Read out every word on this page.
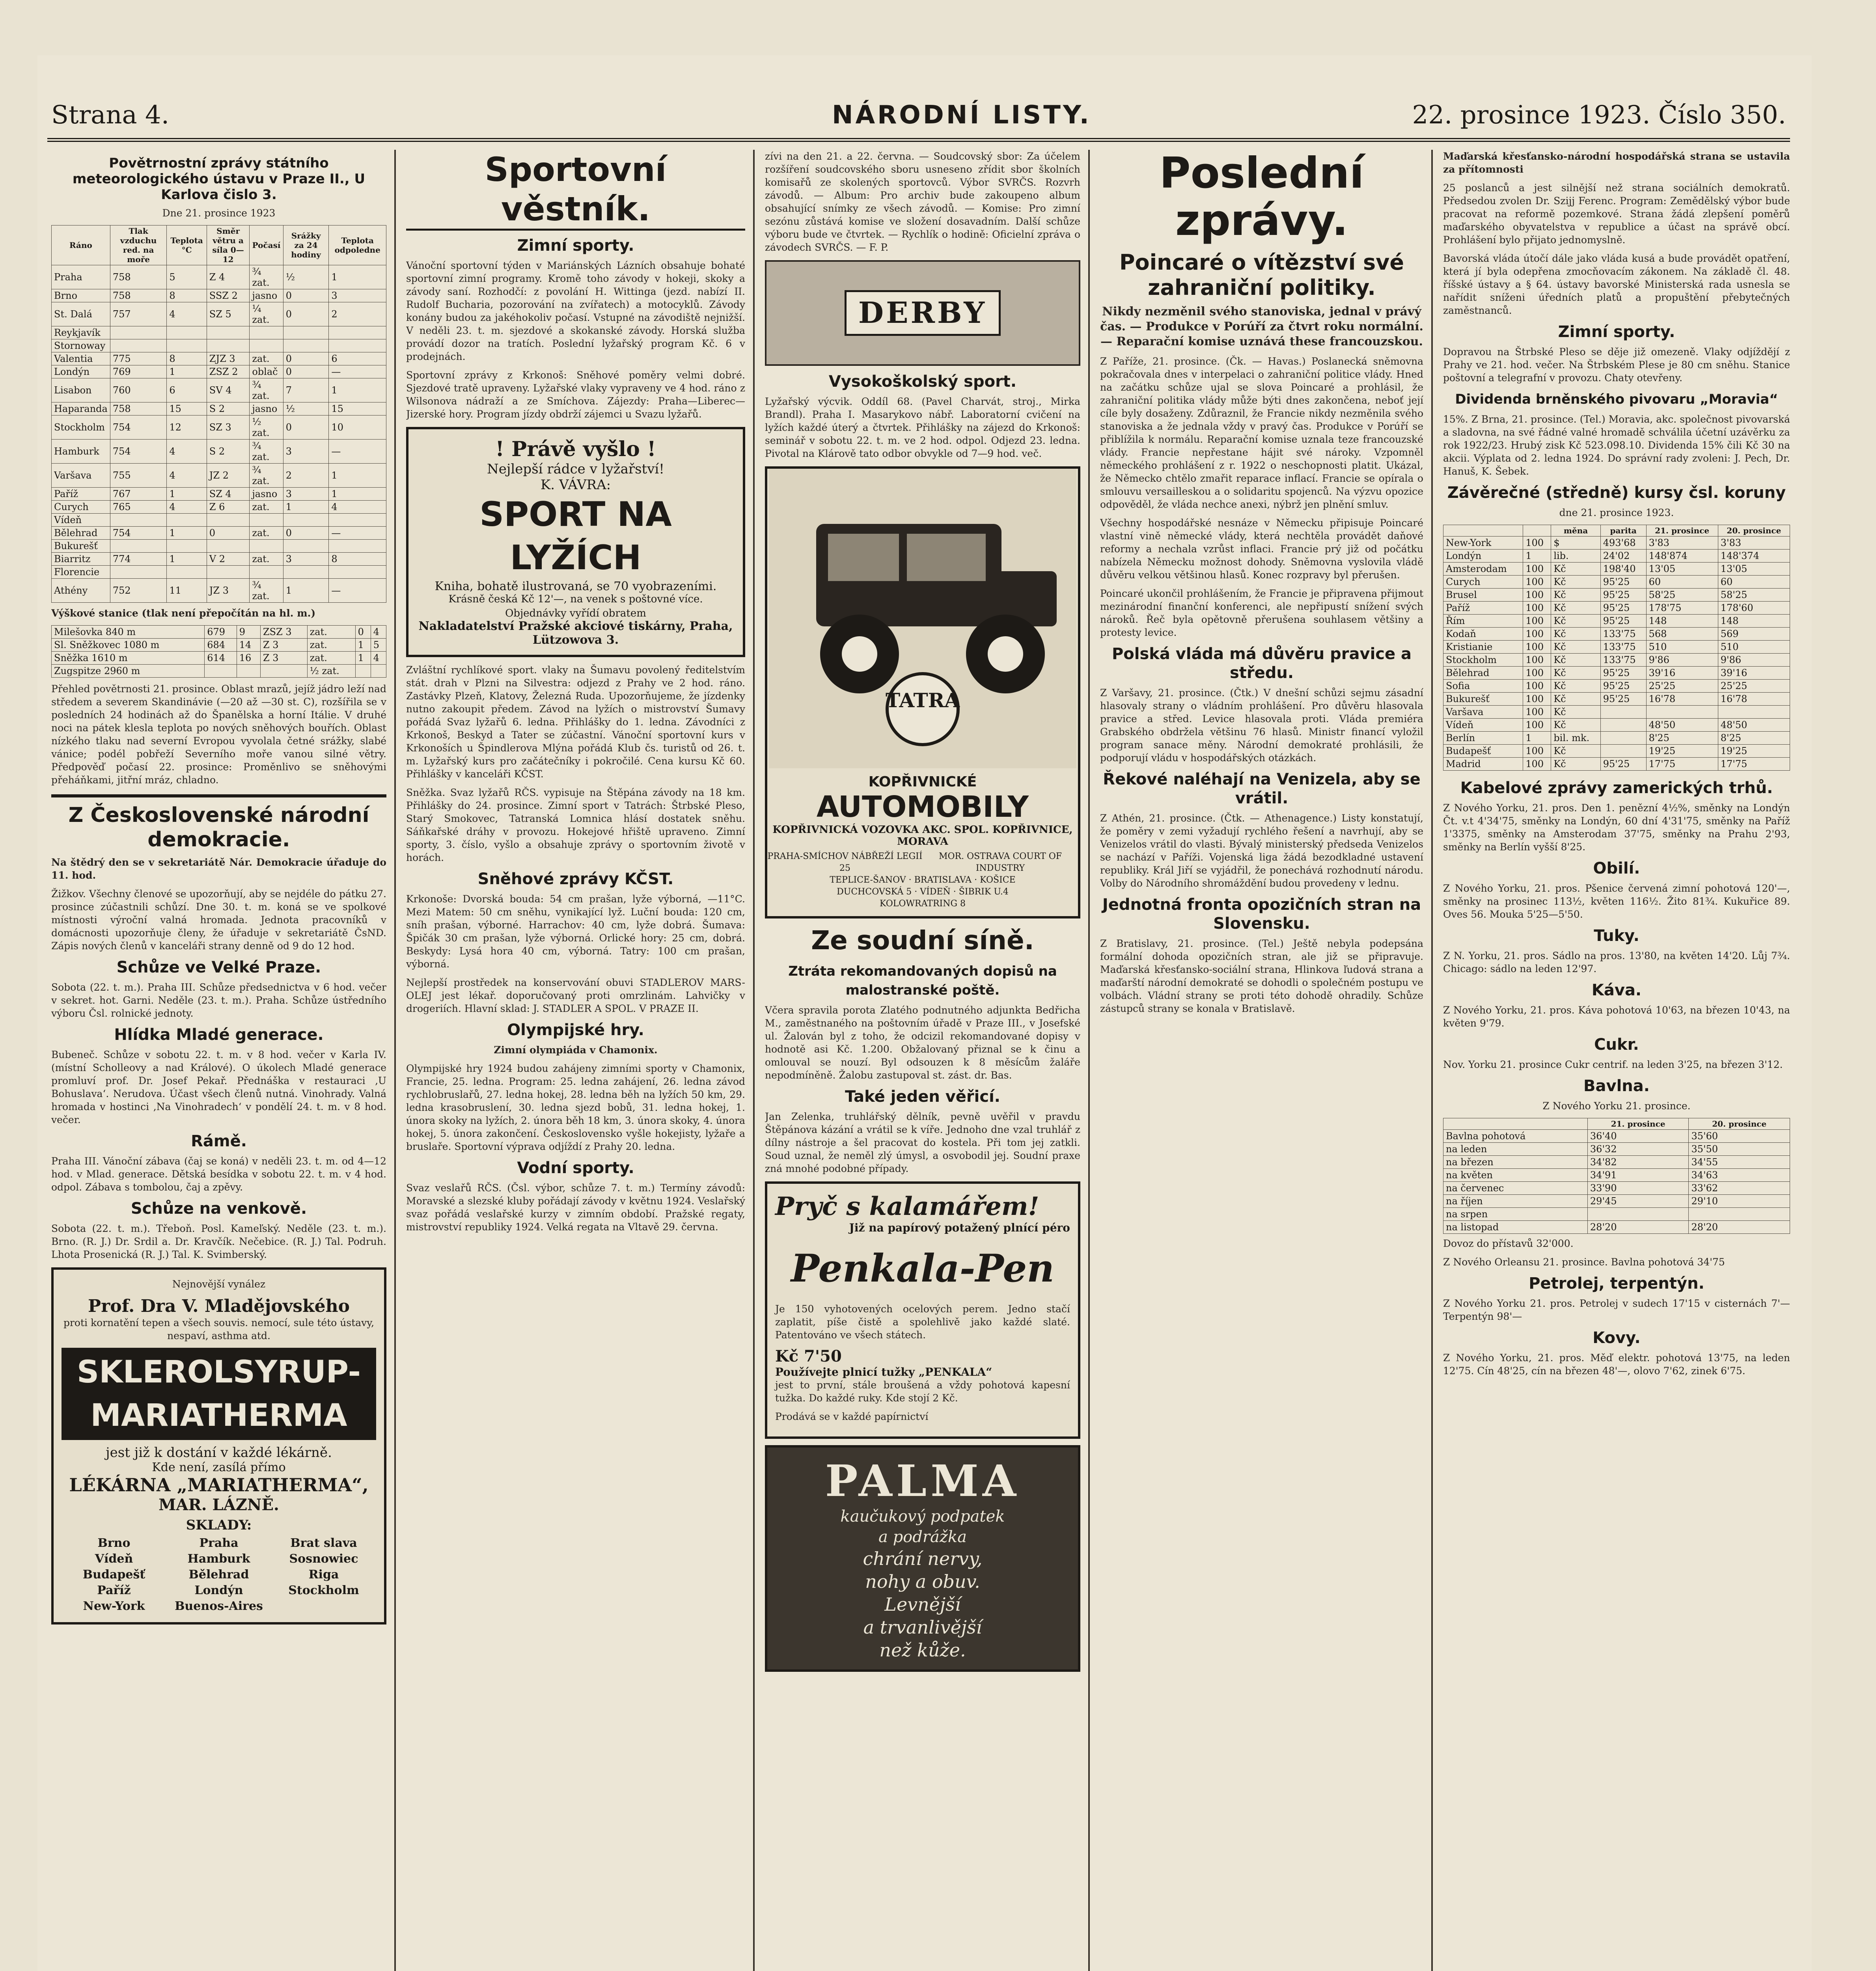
Strana 4.	NÁRODNÍ LISTY.	22. prosince 1923. Číslo 350.
Povětrnostní zprávy státního meteorologického ústavu v Praze II., U Karlova čislo 3.
Dne 21. prosince 1923
Ráno	Tlak vzduchu red. na moře	Teplota °C	Směr větru a síla 0—12	Počasí	Srážky za 24 hodiny	Teplota odpoledne
Praha	758	5	Z 4	¾ zat.	½	1
Brno	758	8	SSZ 2	jasno	0	3
St. Dalá	757	4	SZ 5	¼ zat.	0	2
Reykjavík						
Stornoway						
Valentia	775	8	ZJZ 3	zat.	0	6
Londýn	769	1	ZSZ 2	oblač	0	—
Lisabon	760	6	SV 4	¾ zat.	7	1
Haparanda	758	15	S 2	jasno	½	15
Stockholm	754	12	SZ 3	½ zat.	0	10
Hamburk	754	4	S 2	¾ zat.	3	—
Varšava	755	4	JZ 2	¾ zat.	2	1
Paříž	767	1	SZ 4	jasno	3	1
Curych	765	4	Z 6	zat.	1	4
Vídeň						
Bělehrad	754	1	0	zat.	0	—
Bukurešť						
Biarritz	774	1	V 2	zat.	3	8
Florencie						
Athény	752	11	JZ 3	¾ zat.	1	—
Výškové stanice (tlak není přepočítán na hl. m.)
Milešovka 840 m	679	9	ZSZ 3	zat.	0	4
Sl. Sněžkovec 1080 m	684	14	Z 3	zat.	1	5
Sněžka 1610 m	614	16	Z 3	zat.	1	4
Zugspitze 2960 m				½ zat.		

Přehled povětrnosti 21. prosince. Oblast mrazů, jejíž jádro leží nad středem a severem Skandinávie (—20 až —30 st. C), rozšířila se v posledních 24 hodinách až do Španělska a horní Itálie. V druhé noci na pátek klesla teplota po nových sněhových bouřích. Oblast nízkého tlaku nad severní Evropou vyvolala četné srážky, slabé vánice; podél pobřeží Severního moře vanou silné větry. Předpověď počasí 22. prosince: Proměnlivo se sněhovými přeháňkami, jitřní mráz, chladno.

Z Československé národní demokracie.

Na štědrý den se v sekretariátě Nár. Demokracie úřaduje do 11. hod.

Žižkov. Všechny členové se upozorňují, aby se nejdéle do pátku 27. prosince zúčastnili schůzí. Dne 30. t. m. koná se ve spolkové místnosti výroční valná hromada. Jednota pracovníků v domácnosti upozorňuje členy, že úřaduje v sekretariátě ČsND. Zápis nových členů v kanceláři strany denně od 9 do 12 hod.

Schůze ve Velké Praze.

Sobota (22. t. m.). Praha III. Schůze předsednictva v 6 hod. večer v sekret. hot. Garni. Neděle (23. t. m.). Praha. Schůze ústředního výboru Čsl. rolnické jednoty.

Hlídka Mladé generace.

Bubeneč. Schůze v sobotu 22. t. m. v 8 hod. večer v Karla IV. (místní Scholleovy a nad Králové). O úkolech Mladé generace promluví prof. Dr. Josef Pekař. Přednáška v restauraci ‚U Bohuslava‘. Nerudova. Účast všech členů nutná. Vinohrady. Valná hromada v hostinci ‚Na Vinohradech‘ v pondělí 24. t. m. v 8 hod. večer.

Rámě.

Praha III. Vánoční zábava (čaj se koná) v neděli 23. t. m. od 4—12 hod. v Mlad. generace. Dětská besídka v sobotu 22. t. m. v 4 hod. odpol. Zábava s tombolou, čaj a zpěvy.

Schůze na venkově.

Sobota (22. t. m.). Třeboň. Posl. Kameľský. Neděle (23. t. m.). Brno. (R. J.) Dr. Srdil a. Dr. Kravčík. Nečebice. (R. J.) Tal. Podruh. Lhota Prosenická (R. J.) Tal. K. Svimberský.

Nejnovější vynález
Prof. Dra V. Mladějovského
proti kornatění tepen a všech souvis. nemocí, sule této ústavy, nespaví, asthma atd.
SKLEROLSYRUP-
MARIATHERMA
jest již k dostání v každé lékárně.
Kde není, zasílá přímo
LÉKÁRNA „MARIATHERMA“,
MAR. LÁZNĚ.
SKLADY:
Brno	Praha	Brat slava
Vídeň	Hamburk	Sosnowiec
Budapešť	Bělehrad	Riga
Paříž	Londýn	Stockholm
New-York	Buenos-Aires
Sportovní věstník.
Zimní sporty.

Vánoční sportovní týden v Mariánských Lázních obsahuje bohaté sportovní zimní programy. Kromě toho závody v hokeji, skoky a závody saní. Rozhodčí: z povolání H. Wittinga (jezd. nabízí II. Rudolf Bucharia, pozorování na zvířatech) a motocyklů. Závody konány budou za jakéhokoliv počasí. Vstupné na závodiště nejnižší. V neděli 23. t. m. sjezdové a skokanské závody. Horská služba provádí dozor na tratích. Poslední lyžařský program Kč. 6 v prodejnách.

Sportovní zprávy z Krkonoš: Sněhové poměry velmi dobré. Sjezdové tratě upraveny. Lyžařské vlaky vypraveny ve 4 hod. ráno z Wilsonova nádraží a ze Smíchova. Zájezdy: Praha—Liberec—Jizerské hory. Program jízdy obdrží zájemci u Svazu lyžařů.

! Právě vyšlo !
Nejlepší rádce v lyžařství!
K. VÁVRA:
SPORT NA LYŽÍCH
Kniha, bohatě ilustrovaná, se 70 vyobrazeními.
Krásně česká Kč 12'—, na venek s poštovné více.
Objednávky vyřídí obratem
Nakladatelství Pražské akciové tiskárny, Praha, Lützowova 3.

Zvláštní rychlíkové sport. vlaky na Šumavu povolený ředitelstvím stát. drah v Plzni na Silvestra: odjezd z Prahy ve 2 hod. ráno. Zastávky Plzeň, Klatovy, Železná Ruda. Upozorňujeme, že jízdenky nutno zakoupit předem. Závod na lyžích o mistrovství Šumavy pořádá Svaz lyžařů 6. ledna. Přihlášky do 1. ledna. Závodníci z Krkonoš, Beskyd a Tater se zúčastní. Vánoční sportovní kurs v Krkonoších u Špindlerova Mlýna pořádá Klub čs. turistů od 26. t. m. Lyžařský kurs pro začátečníky i pokročilé. Cena kursu Kč 60. Přihlášky v kanceláři KČST.

Sněžka. Svaz lyžařů RČS. vypisuje na Štěpána závody na 18 km. Přihlášky do 24. prosince. Zimní sport v Tatrách: Štrbské Pleso, Starý Smokovec, Tatranská Lomnica hlásí dostatek sněhu. Sáňkařské dráhy v provozu. Hokejové hřiště upraveno. Zimní sporty, 3. číslo, vyšlo a obsahuje zprávy o sportovním životě v horách.

Sněhové zprávy KČST.

Krkonoše: Dvorská bouda: 54 cm prašan, lyže výborná, —11°C. Mezi Matem: 50 cm sněhu, vynikající lyž. Luční bouda: 120 cm, sníh prašan, výborné. Harrachov: 40 cm, lyže dobrá. Šumava: Špičák 30 cm prašan, lyže výborná. Orlické hory: 25 cm, dobrá. Beskydy: Lysá hora 40 cm, výborná. Tatry: 100 cm prašan, výborná.

Nejlepší prostředek na konservování obuvi STADLEROV MARS-OLEJ jest lékař. doporučovaný proti omrzlinám. Lahvičky v drogeriích. Hlavní sklad: J. STADLER A SPOL. V PRAZE II.

Olympijské hry.
Zimní olympiáda v Chamonix.

Olympijské hry 1924 budou zahájeny zimními sporty v Chamonix, Francie, 25. ledna. Program: 25. ledna zahájení, 26. ledna závod rychlobruslařů, 27. ledna hokej, 28. ledna běh na lyžích 50 km, 29. ledna krasobruslení, 30. ledna sjezd bobů, 31. ledna hokej, 1. února skoky na lyžích, 2. února běh 18 km, 3. února skoky, 4. února hokej, 5. února zakončení. Československo vyšle hokejisty, lyžaře a bruslaře. Sportovní výprava odjíždí z Prahy 20. ledna.

Vodní sporty.

Svaz veslařů RČS. (Čsl. výbor, schůze 7. t. m.) Termíny závodů: Moravské a slezské kluby pořádají závody v květnu 1924. Veslařský svaz pořádá veslařské kurzy v zimním období. Pražské regaty, mistrovství republiky 1924. Velká regata na Vltavě 29. června.

zívi na den 21. a 22. června. — Soudcovský sbor: Za účelem rozšíření soudcovského sboru usneseno zřídit sbor školních komisařů ze skolených sportovců. Výbor SVRČS. Rozvrh závodů. — Album: Pro archiv bude zakoupeno album obsahující snímky ze všech závodů. — Komise: Pro zimní sezónu zůstává komise ve složení dosavadním. Další schůze výboru bude ve čtvrtek. — Rychlík o hodině: Oficielní zpráva o závodech SVRČS. — F. P.

DERBY
Vysokoškolský sport.

Lyžařský výcvik. Oddíl 68. (Pavel Charvát, stroj., Mirka Brandl). Praha I. Masarykovo nábř. Laboratorní cvičení na lyžích každé úterý a čtvrtek. Přihlášky na zájezd do Krkonoš: seminář v sobotu 22. t. m. ve 2 hod. odpol. Odjezd 23. ledna. Pivotal na Klárově tato odbor obvykle od 7—9 hod. več.

KOPŘIVNICKÉ
AUTOMOBILY
KOPŘIVNICKÁ VOZOVKA AKC. SPOL. KOPŘIVNICE, MORAVA
PRAHA-SMÍCHOV NÁBŘEŽÍ LEGIÍ 25
MOR. OSTRAVA COURT OF INDUSTRY
TEPLICE-ŠANOV · BRATISLAVA · KOŠICE
DUCHCOVSKÁ 5 · VÍDEŇ · ŠIBRIK U.4
KOLOWRATRING 8
Ze soudní síně.
Ztráta rekomandovaných dopisů na malostranské poště.

Včera spravila porota Zlatého podnutného adjunkta Bedřicha M., zaměstnaného na poštovním úřadě v Praze III., v Josefské ul. Žalován byl z toho, že odcizil rekomandované dopisy v hodnotě asi Kč. 1.200. Obžalovaný přiznal se k činu a omlouval se nouzí. Byl odsouzen k 8 měsícům žaláře nepodmíněně. Žalobu zastupoval st. zást. dr. Bas.

Také jeden věřicí.

Jan Zelenka, truhlářský dělník, pevně uvěřil v pravdu Štěpánova kázání a vrátil se k víře. Jednoho dne vzal truhlář z dílny nástroje a šel pracovat do kostela. Při tom jej zatkli. Soud uznal, že neměl zlý úmysl, a osvobodil jej. Soudní praxe zná mnohé podobné případy.

Pryč s kalamářem!
Již na papírový potažený plnící péro
Penkala-Pen

Je 150 vyhotovených ocelových perem. Jedno stačí zaplatit, píše čistě a spolehlivě jako každé slaté. Patentováno ve všech státech.

Kč 7'50
Používejte plnicí tužky „PENKALA“

jest to první, stále broušená a vždy pohotová kapesní tužka. Do každé ruky. Kde stojí 2 Kč.

Prodává se v každé papírnictví

PALMA
kaučukový podpatek
a podrážka
chrání nervy,
nohy a obuv.
Levnější
a trvanlivější
než kůže.
Poslední zprávy.
Poincaré o vítězství své zahraniční politiky.

Nikdy nezměnil svého stanoviska, jednal v právý čas. — Produkce v Porúří za čtvrt roku normální. — Reparační komise uznává these francouzskou.

Z Paříže, 21. prosince. (Čk. — Havas.) Poslanecká sněmovna pokračovala dnes v interpelaci o zahraniční politice vlády. Hned na začátku schůze ujal se slova Poincaré a prohlásil, že zahraniční politika vlády může býti dnes zakončena, neboť její cíle byly dosaženy. Zdůraznil, že Francie nikdy nezměnila svého stanoviska a že jednala vždy v pravý čas. Produkce v Porúří se přiblížila k normálu. Reparační komise uznala teze francouzské vlády. Francie nepřestane hájit své nároky. Vzpomněl německého prohlášení z r. 1922 o neschopnosti platit. Ukázal, že Německo chtělo zmařit reparace inflací. Francie se opírala o smlouvu versailleskou a o solidaritu spojenců. Na výzvu opozice odpověděl, že vláda nechce anexi, nýbrž jen plnění smluv.

Všechny hospodářské nesnáze v Německu připisuje Poincaré vlastní vině německé vlády, která nechtěla provádět daňové reformy a nechala vzrůst inflaci. Francie prý již od počátku nabízela Německu možnost dohody. Sněmovna vyslovila vládě důvěru velkou většinou hlasů. Konec rozpravy byl přerušen.

Poincaré ukončil prohlášením, že Francie je připravena přijmout mezinárodní finanční konferenci, ale nepřipustí snížení svých nároků. Řeč byla opětovně přerušena souhlasem většiny a protesty levice.

Polská vláda má důvěru pravice a středu.

Z Varšavy, 21. prosince. (Čtk.) V dnešní schůzi sejmu zásadní hlasovaly strany o vládním prohlášení. Pro důvěru hlasovala pravice a střed. Levice hlasovala proti. Vláda premiéra Grabského obdržela většinu 76 hlasů. Ministr financí vyložil program sanace měny. Národní demokraté prohlásili, že podporují vládu v hospodářských otázkách.

Řekové naléhají na Venizela, aby se vrátil.

Z Athén, 21. prosince. (Čtk. — Athenagence.) Listy konstatují, že poměry v zemi vyžadují rychlého řešení a navrhují, aby se Venizelos vrátil do vlasti. Bývalý ministerský předseda Venizelos se nachází v Paříži. Vojenská liga žádá bezodkladné ustavení republiky. Král Jiří se vyjádřil, že ponechává rozhodnutí národu. Volby do Národního shromáždění budou provedeny v lednu.

Jednotná fronta opozičních stran na Slovensku.

Z Bratislavy, 21. prosince. (Tel.) Ještě nebyla podepsána formální dohoda opozičních stran, ale již se připravuje. Maďarská křesťansko-sociální strana, Hlinkova ľudová strana a maďarští národní demokraté se dohodli o společném postupu ve volbách. Vládní strany se proti této dohodě ohradily. Schůze zástupců strany se konala v Bratislavě.

Maďarská křesťansko-národní hospodářská strana se ustavila za přítomnosti

25 poslanců a jest silnější než strana sociálních demokratů. Předsedou zvolen Dr. Szijj Ferenc. Program: Zemědělský výbor bude pracovat na reformě pozemkové. Strana žádá zlepšení poměrů maďarského obyvatelstva v republice a účast na správě obcí. Prohlášení bylo přijato jednomyslně.

Bavorská vláda útočí dále jako vláda kusá a bude provádět opatření, která jí byla odepřena zmocňovacím zákonem. Na základě čl. 48. říšské ústavy a § 64. ústavy bavorské Ministerská rada usnesla se nařídit sníženi úředních platů a propuštění přebytečných zaměstnanců.

Zimní sporty.

Dopravou na Štrbské Pleso se děje již omezeně. Vlaky odjíždějí z Prahy ve 21. hod. večer. Na Štrbském Plese je 80 cm sněhu. Stanice poštovní a telegrafní v provozu. Chaty otevřeny.

Dividenda brněnského pivovaru „Moravia“

15%. Z Brna, 21. prosince. (Tel.) Moravia, akc. společnost pivovarská a sladovna, na své řádné valné hromadě schválila účetní uzávěrku za rok 1922/23. Hrubý zisk Kč 523.098.10. Dividenda 15% čili Kč 30 na akcii. Výplata od 2. ledna 1924. Do správní rady zvoleni: J. Pech, Dr. Hanuš, K. Šebek.

Závěrečné (středně) kursy čsl. koruny
dne 21. prosince 1923.
		měna	parita	21. prosince	20. prosince
New-York	100	$	493'68	3'83	3'83
Londýn	1	lib.	24'02	148'874	148'374
Amsterodam	100	Kč	198'40	13'05	13'05
Curych	100	Kč	95'25	60	60
Brusel	100	Kč	95'25	58'25	58'25
Paříž	100	Kč	95'25	178'75	178'60
Řím	100	Kč	95'25	148	148
Kodaň	100	Kč	133'75	568	569
Kristianie	100	Kč	133'75	510	510
Stockholm	100	Kč	133'75	9'86	9'86
Bělehrad	100	Kč	95'25	39'16	39'16
Sofia	100	Kč	95'25	25'25	25'25
Bukurešť	100	Kč	95'25	16'78	16'78
Varšava	100	Kč			
Vídeň	100	Kč		48'50	48'50
Berlín	1	bil. mk.		8'25	8'25
Budapešť	100	Kč		19'25	19'25
Madrid	100	Kč	95'25	17'75	17'75
Kabelové zprávy zamerických trhů.

Z Nového Yorku, 21. pros. Den 1. penězní 4½%, směnky na Londýn Čt. v.t 4'34'75, směnky na Londýn, 60 dní 4'31'75, směnky na Paříž 1'3375, směnky na Amsterodam 37'75, směnky na Prahu 2'93, směnky na Berlín vyšší 8'25.

Obilí.

Z Nového Yorku, 21. pros. Pšenice červená zimní pohotová 120'—, směnky na prosinec 113½, květen 116½. Žito 81¾. Kukuřice 89. Oves 56. Mouka 5'25—5'50.

Tuky.

Z N. Yorku, 21. pros. Sádlo na pros. 13'80, na květen 14'20. Lůj 7¾. Chicago: sádlo na leden 12'97.

Káva.

Z Nového Yorku, 21. pros. Káva pohotová 10'63, na březen 10'43, na květen 9'79.

Cukr.

Nov. Yorku 21. prosince Cukr centrif. na leden 3'25, na březen 3'12.

Bavlna.
Z Nového Yorku 21. prosince.
	21. prosince	20. prosince
Bavlna pohotová	36'40	35'60
na leden	36'32	35'50
na březen	34'82	34'55
na květen	34'91	34'63
na červenec	33'90	33'62
na říjen	29'45	29'10
na srpen		
na listopad	28'20	28'20

Dovoz do přístavů 32'000.

Z Nového Orleansu 21. prosince. Bavlna pohotová 34'75

Petrolej, terpentýn.

Z Nového Yorku 21. pros. Petrolej v sudech 17'15 v cisternách 7'— Terpentýn 98'—

Kovy.

Z Nového Yorku, 21. pros. Měď elektr. pohotová 13'75, na leden 12'75. Cín 48'25, cín na březen 48'—, olovo 7'62, zinek 6'75.
